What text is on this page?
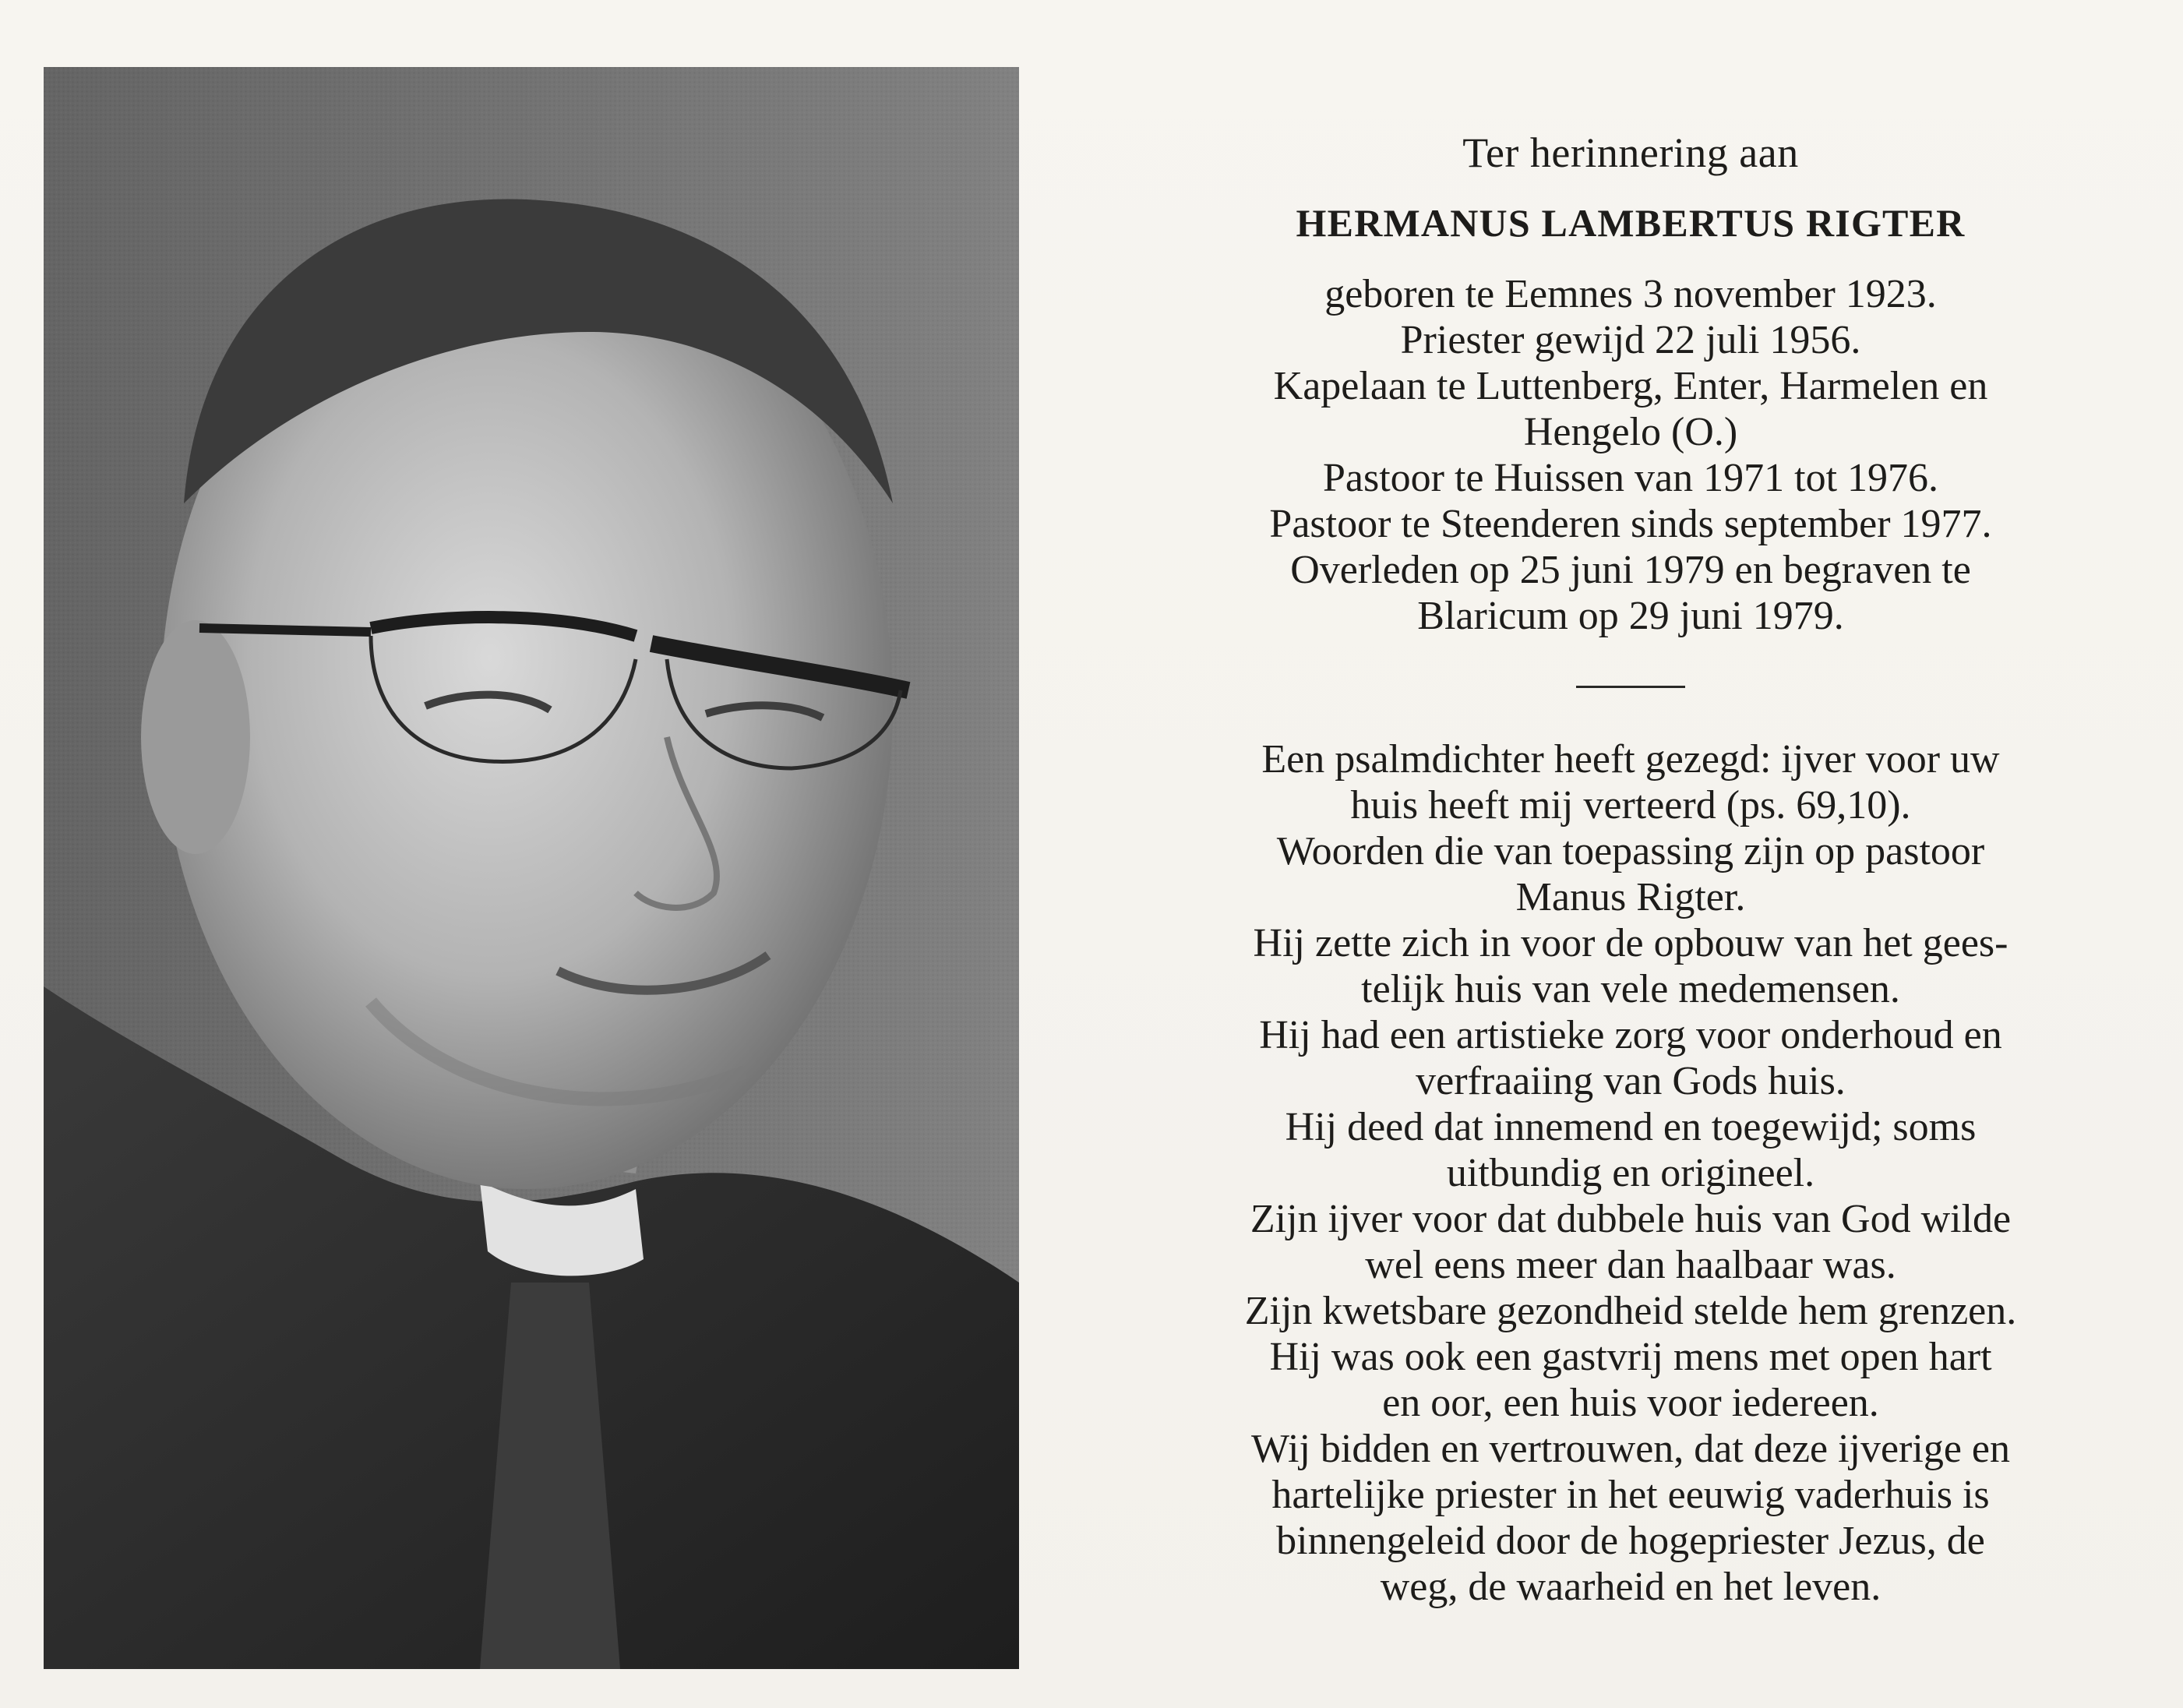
Ter herinnering aan

HERMANUS LAMBERTUS RIGTER

geboren te Eemnes 3 november 1923.

Priester gewijd 22 juli 1956.

Kapelaan te Luttenberg, Enter, Harmelen en

Hengelo (O.)

Pastoor te Huissen van 1971 tot 1976.

Pastoor te Steenderen sinds september 1977.

Overleden op 25 juni 1979 en begraven te

Blaricum op 29 juni 1979.

Een psalmdichter heeft gezegd: ijver voor uw

huis heeft mij verteerd (ps. 69,10).

Woorden die van toepassing zijn op pastoor

Manus Rigter.

Hij zette zich in voor de opbouw van het gees-

telijk huis van vele medemensen.

Hij had een artistieke zorg voor onderhoud en

verfraaiing van Gods huis.

Hij deed dat innemend en toegewijd; soms

uitbundig en origineel.

Zijn ijver voor dat dubbele huis van God wilde

wel eens meer dan haalbaar was.

Zijn kwetsbare gezondheid stelde hem grenzen.

Hij was ook een gastvrij mens met open hart

en oor, een huis voor iedereen.

Wij bidden en vertrouwen, dat deze ijverige en

hartelijke priester in het eeuwig vaderhuis is

binnengeleid door de hogepriester Jezus, de

weg, de waarheid en het leven.
